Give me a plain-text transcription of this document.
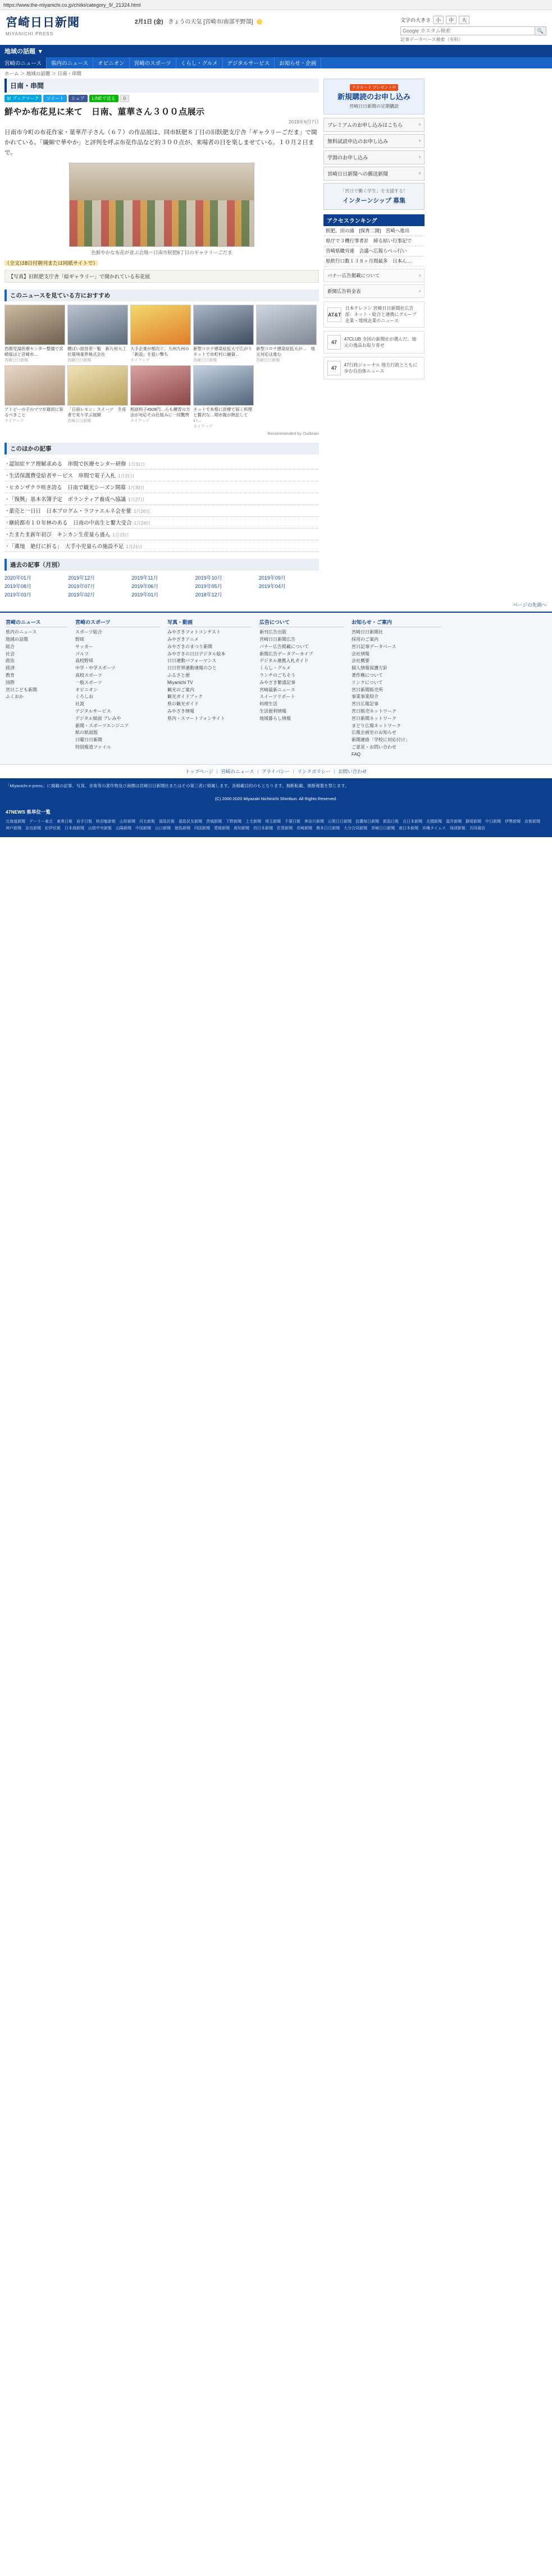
https://www.the-miyanichi.co.jp/chiiki/category_9/_21324.html
宮崎日日新聞
MIYANICHI PRESS
2月1日 (金) きょうの天気 [宮崎市/南部平野部]	文字の大きさ	小	中	大
Google カスタム検索
🔍
記事データベース検索（有料）
地域の話題 ▾
宮崎のニュース	県内のニュース	オピニオン	宮崎のスポーツ	くらし・グルメ	デジタルサービス	お知らせ・企画
ホーム ＞ 地域の話題 ＞ 日南・串間
日南・串間
b! ブックマーク	ツイート	シェア	LINEで送る	0
鮮やか布花見に来て　日南、菫華さん３００点展示
2019年6月7日
日南市今町の布花作家・菫華芹子さん（６７）の作品展は、同市飫肥８丁目の旧飫肥支庁舎「ギャラリーごだま」で開かれている。「繊細で華やか」と評判を呼ぶ布花作品など約３００点が、来場者の目を楽しませている。１０月２日まで。
色鮮やかな布花が並ぶ会場＝日南市飫肥8丁目のギャラリーごだま
（全文は8日付朝刊または同紙サイトで）
【写真】旧飫肥支庁舎「絵ギャラリー」で開かれている布花展
このニュースを見ている方におすすめ
西都児湯医療センター整備で宮崎県はと宮崎市…
宮崎日日新聞
横ばい経営者一覧　新九州大工社環境業界株式会社
宮崎日日新聞
大手企業が相次ぐ、九州九州の「新設」を狙い撃ち
タイアップ
新型コロナ感染症拡大で広がり　ネットで市町村に融資…
宮崎日日新聞
新型コロナ感染症拡大が…　地元対応は進む
宮崎日日新聞
アトピーの子のママが最初に知るべきこと
タイアップ
「日南レモン」スイーツ　生産者で実り学ぶ展開
宮崎日日新聞
相談料子4928円…らも練習の方法が対応その仕組みに一同驚愕
タイアップ
ネットで本格に診療で届く料理と贅沢な…期市販が熱狂してい…
タイアップ
Recommended by Outbrain
このほかの記事
・ 認知症ケア理解求める　串間で医療センター研修 1月31日
・ 生活保護費受給者サービス　串間で電子入札 1月31日
・ ヒカンザクラ咲き誇る　日南で観光シーズン開幕 1月30日
・ 「復興」基本名簿予定　ボランティア養成へ協議 1月27日
・ 薬売と一日日　日本プログム・ラファエルネ会を催 1月26日
・ 継続都市１０年林のある　日南の中高生と繋大受合 1月24日
・ たまたま新年初び　キンカン生産量ら盛ん 1月23日
・ 「薫地　絶灯に折る」　大手小児量らの施設不足 1月21日
過去の記事（月別）
2020年01月	2019年12月	2019年11月	2019年10月	2019年09月
2019年08月	2019年07月	2019年06月	2019年05月	2019年04月
2019年03月	2019年02月	2019年01月	2018年12月
クオカード プレゼント中
新規購読のお申し込み
宮崎日日新聞の定期購読
プレミアムのお申し込みはこちら ›
無料試読申込のお申し込み ›
学割のお申し込み ›
宮崎日日新聞への郵送新聞 ›
「宮日で働く学生」を支援する！
インターンシップ 募集
アクセスランキング
飫肥、田の浦　[保育二園]　宮崎へ進出
県庁で３機行事者計　締る結い行事記で
宮崎県職労連　会議へ広報らべっ行い
県飲行口数１３８ヶ月間最多　日本ん…
バナー広告掲載について ›
新聞広告料金表 ›
AT&T
日本テレコン 宮崎日日新聞社広告部：ネット・総合と連携にグループ企業・地域企業のニュース
47
47CLUB 全国の新聞社が選んだ、地元の逸品お取り寄せ
47
47行政ジャーナル 地方行政とともに歩む自治体ニュース
ページの先頭へ
宮崎のニュース
県内のニュース
地域の話題
総合
社会
政治
経済
教育
国際
宮日こども新聞
ふくおか
宮崎のスポーツ
スポーツ総合
野球
サッカー
ゴルフ
高校野球
中学・中学スポーツ
高校スポーツ
一般スポーツ
オピニオン
くろしお
社説
デジタルサービス
デジタル紙面 プレみや
新聞・スポーツエンジニア
紙の紙面版
日曜日日新聞
特別報道ファイル
写真・動画
みやざきフォトコンテスト
みやざきアニメ
みやざきのまつり新聞
みやざきの日日デジタル絵本
日日連動パフォーマンス
日日世界連動速報のひと
ふるさと便
Miyanichi TV
観光のご案内
観光ガイドブック
県の観光ガイド
みやざき情報
県内・スマートフォンサイト
広告について
新刊広告出版
宮崎日日新聞広告
バナー広告掲載について
新聞広告データアーカイブ
デジタル連携入札ガイド
くらし・グルメ
ランチのごちそう
みやざき繁盛記事
宮崎最新ニュース
スイーツリポート
料理生活
生活便利情報
地域暮らし情報
お知らせ・ご案内
宮崎日日新聞社
採用のご案内
宮日記事データベース
会社情報
会社概要
個人情報保護方針
著作権について
リンクについて
宮日新聞販売所
事業事業紹介
宮日広報記事
宮日販売ネットワーク
宮日新聞ネットワーク
まどり広報ネットワーク
広報企画室のお知らせ
新聞連絡「学校に対応付け」
ご意見・お問い合わせ
FAQ
トップページ ｜ 宮崎のニュース ｜ プライバシー ｜ リンクポリシー ｜ お問い合わせ
「Miyanichi e-press」に掲載の記事、写真、音楽等の著作物及び商標は宮崎日日新聞社またはその第三者に帰属します。各掲載目的のもとなります。無断転載、無断複製を禁じます。
(C) 2000-2020 Miyazaki Nichinichi Shimbun. All Rights Reserved.
47NEWS 県単位一覧
北海道新聞　デーリー東北　東奥日報　岩手日報　秋田魁新報　山形新聞　河北新報　福島民報　福島民友新聞　茨城新聞　下野新聞　上毛新聞　埼玉新聞　千葉日報　神奈川新聞　山梨日日新聞　信濃毎日新聞　新潟日報　北日本新聞　北國新聞　福井新聞　静岡新聞　中日新聞　伊勢新聞　京都新聞　神戸新聞　奈良新聞　紀伊民報　日本海新聞　山陰中央新報　山陽新聞　中国新聞　山口新聞　徳島新聞　四国新聞　愛媛新聞　高知新聞　西日本新聞　佐賀新聞　長崎新聞　熊本日日新聞　大分合同新聞　宮崎日日新聞　南日本新聞　沖縄タイムス　琉球新報　共同通信
